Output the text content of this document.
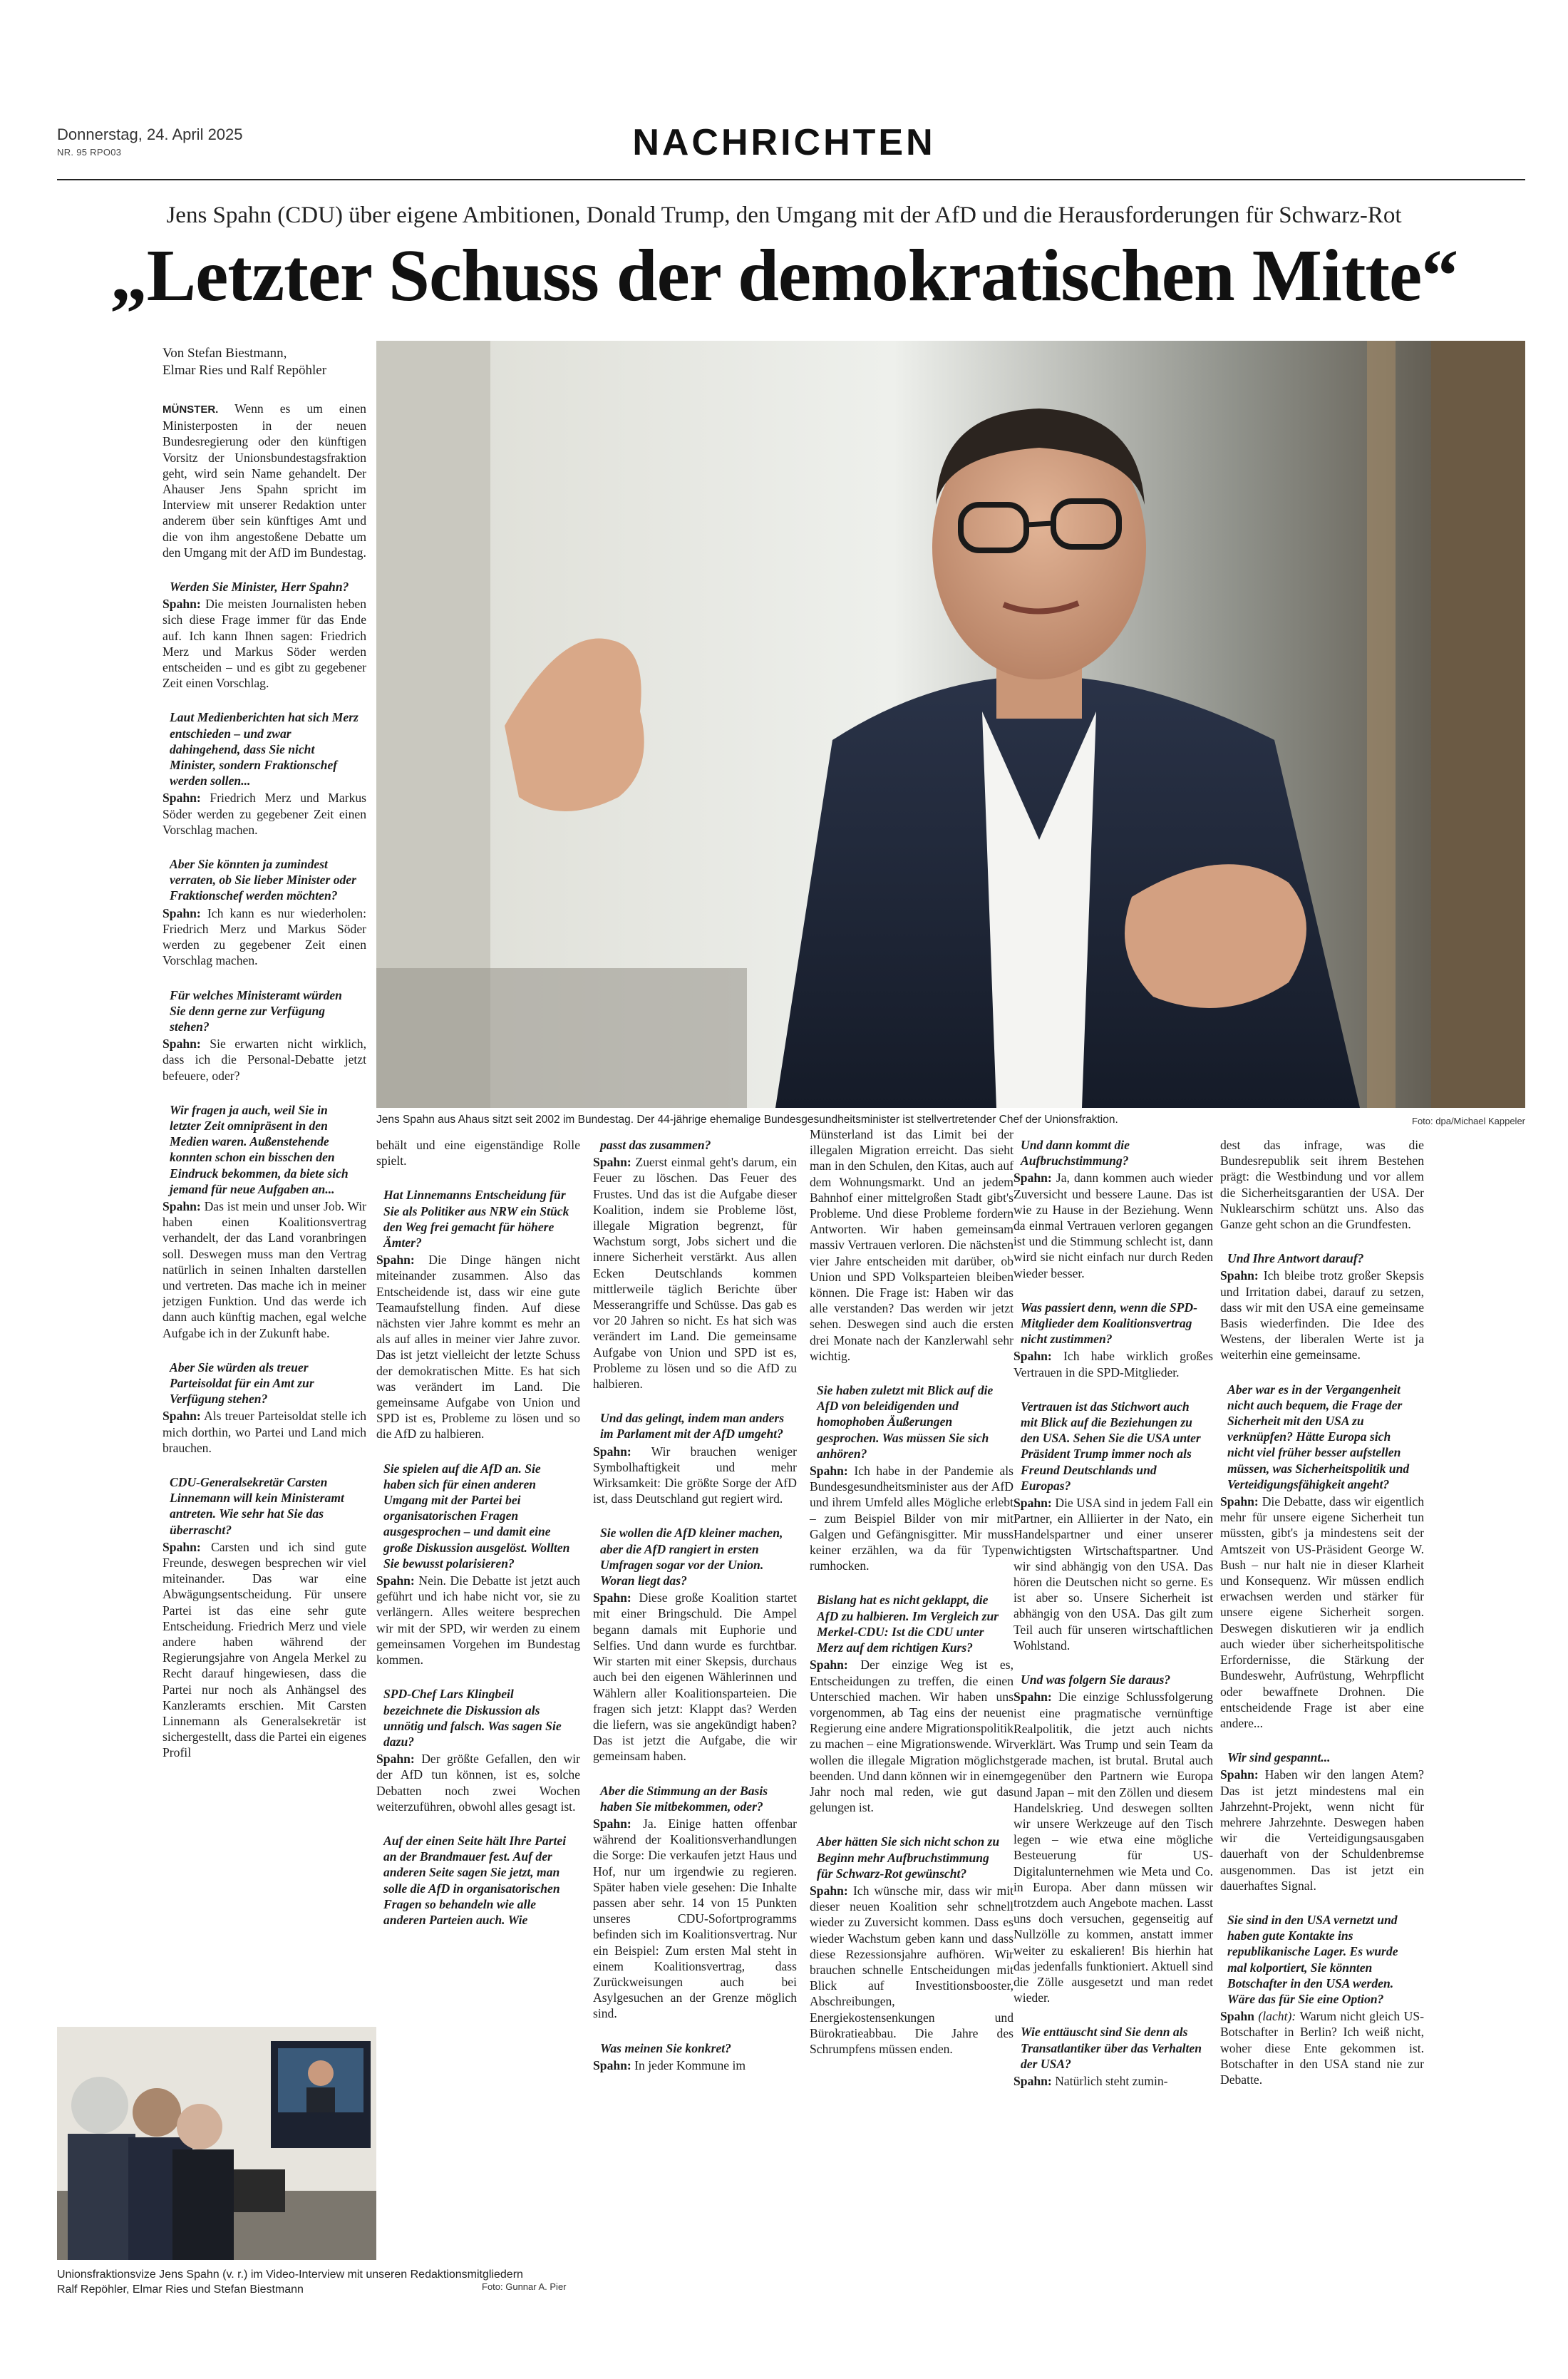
Donnerstag, 24. April 2025
NR. 95 RPO03	NACHRICHTEN
Jens Spahn (CDU) über eigene Ambitionen, Donald Trump, den Umgang mit der AfD und die Herausforderungen für Schwarz-Rot
„Letzter Schuss der demokratischen Mitte“
Jens Spahn aus Ahaus sitzt seit 2002 im Bundestag. Der 44-jährige ehemalige Bundesgesundheitsminister ist stellvertretender Chef der Unionsfraktion.	Foto: dpa/Michael Kappeler
Von Stefan Biestmann,
Elmar Ries und Ralf Repöhler

MÜNSTER. Wenn es um einen Ministerposten in der neuen Bundesregierung oder den künftigen Vorsitz der Unionsbundestagsfraktion geht, wird sein Name gehandelt. Der Ahauser Jens Spahn spricht im Interview mit unserer Redaktion unter anderem über sein künftiges Amt und die von ihm angestoßene Debatte um den Umgang mit der AfD im Bundestag.

Werden Sie Minister, Herr Spahn?

Spahn: Die meisten Journalisten heben sich diese Frage immer für das Ende auf. Ich kann Ihnen sagen: Friedrich Merz und Markus Söder werden entscheiden – und es gibt zu gegebener Zeit einen Vorschlag.

Laut Medienberichten hat sich Merz entschieden – und zwar dahingehend, dass Sie nicht Minister, sondern Fraktionschef werden sollen...

Spahn: Friedrich Merz und Markus Söder werden zu gegebener Zeit einen Vorschlag machen.

Aber Sie könnten ja zumindest verraten, ob Sie lieber Minister oder Fraktionschef werden möchten?

Spahn: Ich kann es nur wiederholen: Friedrich Merz und Markus Söder werden zu gegebener Zeit einen Vorschlag machen.

Für welches Ministeramt würden Sie denn gerne zur Verfügung stehen?

Spahn: Sie erwarten nicht wirklich, dass ich die Personal-Debatte jetzt befeuere, oder?

Wir fragen ja auch, weil Sie in letzter Zeit omnipräsent in den Medien waren. Außenstehende konnten schon ein bisschen den Eindruck bekommen, da biete sich jemand für neue Aufgaben an...

Spahn: Das ist mein und unser Job. Wir haben einen Koalitionsvertrag verhandelt, der das Land voranbringen soll. Deswegen muss man den Vertrag natürlich in seinen Inhalten darstellen und vertreten. Das mache ich in meiner jetzigen Funktion. Und das werde ich dann auch künftig machen, egal welche Aufgabe ich in der Zukunft habe.

Aber Sie würden als treuer Parteisoldat für ein Amt zur Verfügung stehen?

Spahn: Als treuer Parteisoldat stelle ich mich dorthin, wo Partei und Land mich brauchen.

CDU-Generalsekretär Carsten Linnemann will kein Ministeramt antreten. Wie sehr hat Sie das überrascht?

Spahn: Carsten und ich sind gute Freunde, deswegen besprechen wir viel miteinander. Das war eine Abwägungsentscheidung. Für unsere Partei ist das eine sehr gute Entscheidung. Friedrich Merz und viele andere haben während der Regierungsjahre von Angela Merkel zu Recht darauf hingewiesen, dass die Partei nur noch als Anhängsel des Kanzleramts erschien. Mit Carsten Linnemann als Generalsekretär ist sichergestellt, dass die Partei ein eigenes Profil

behält und eine eigenständige Rolle spielt.

Hat Linnemanns Entscheidung für Sie als Politiker aus NRW ein Stück den Weg frei gemacht für höhere Ämter?

Spahn: Die Dinge hängen nicht miteinander zusammen. Also das Entscheidende ist, dass wir eine gute Teamaufstellung finden. Auf diese nächsten vier Jahre kommt es mehr an als auf alles in meiner vier Jahre zuvor. Das ist jetzt vielleicht der letzte Schuss der demokratischen Mitte. Es hat sich was verändert im Land. Die gemeinsame Aufgabe von Union und SPD ist es, Probleme zu lösen und so die AfD zu halbieren.

Sie spielen auf die AfD an. Sie haben sich für einen anderen Umgang mit der Partei bei organisatorischen Fragen ausgesprochen – und damit eine große Diskussion ausgelöst. Wollten Sie bewusst polarisieren?

Spahn: Nein. Die Debatte ist jetzt auch geführt und ich habe nicht vor, sie zu verlängern. Alles weitere besprechen wir mit der SPD, wir werden zu einem gemeinsamen Vorgehen im Bundestag kommen.

SPD-Chef Lars Klingbeil bezeichnete die Diskussion als unnötig und falsch. Was sagen Sie dazu?

Spahn: Der größte Gefallen, den wir der AfD tun können, ist es, solche Debatten noch zwei Wochen weiterzuführen, obwohl alles gesagt ist.

Auf der einen Seite hält Ihre Partei an der Brandmauer fest. Auf der anderen Seite sagen Sie jetzt, man solle die AfD in organisatorischen Fragen so behandeln wie alle anderen Parteien auch. Wie

passt das zusammen?

Spahn: Zuerst einmal geht's darum, ein Feuer zu löschen. Das Feuer des Frustes. Und das ist die Aufgabe dieser Koalition, indem sie Probleme löst, illegale Migration begrenzt, für Wachstum sorgt, Jobs sichert und die innere Sicherheit verstärkt. Aus allen Ecken Deutschlands kommen mittlerweile täglich Berichte über Messerangriffe und Schüsse. Das gab es vor 20 Jahren so nicht. Es hat sich was verändert im Land. Die gemeinsame Aufgabe von Union und SPD ist es, Probleme zu lösen und so die AfD zu halbieren.

Und das gelingt, indem man anders im Parlament mit der AfD umgeht?

Spahn: Wir brauchen weniger Symbolhaftigkeit und mehr Wirksamkeit: Die größte Sorge der AfD ist, dass Deutschland gut regiert wird.

Sie wollen die AfD kleiner machen, aber die AfD rangiert in ersten Umfragen sogar vor der Union. Woran liegt das?

Spahn: Diese große Koalition startet mit einer Bringschuld. Die Ampel begann damals mit Euphorie und Selfies. Und dann wurde es furchtbar. Wir starten mit einer Skepsis, durchaus auch bei den eigenen Wählerinnen und Wählern aller Koalitionsparteien. Die fragen sich jetzt: Klappt das? Werden die liefern, was sie angekündigt haben? Das ist jetzt die Aufgabe, die wir gemeinsam haben.

Aber die Stimmung an der Basis haben Sie mitbekommen, oder?

Spahn: Ja. Einige hatten offenbar während der Koalitionsverhandlungen die Sorge: Die verkaufen jetzt Haus und Hof, nur um irgendwie zu regieren. Später haben viele gesehen: Die Inhalte passen aber sehr. 14 von 15 Punkten unseres CDU-Sofortprogramms befinden sich im Koalitionsvertrag. Nur ein Beispiel: Zum ersten Mal steht in einem Koalitionsvertrag, dass Zurückweisungen auch bei Asylgesuchen an der Grenze möglich sind.

Was meinen Sie konkret?

Spahn: In jeder Kommune im

Münsterland ist das Limit bei der illegalen Migration erreicht. Das sieht man in den Schulen, den Kitas, auch auf dem Wohnungsmarkt. Und an jedem Bahnhof einer mittelgroßen Stadt gibt's Probleme. Und diese Probleme fordern Antworten. Wir haben gemeinsam massiv Vertrauen verloren. Die nächsten vier Jahre entscheiden mit darüber, ob Union und SPD Volksparteien bleiben können. Die Frage ist: Haben wir das alle verstanden? Das werden wir jetzt sehen. Deswegen sind auch die ersten drei Monate nach der Kanzlerwahl sehr wichtig.

Sie haben zuletzt mit Blick auf die AfD von beleidigenden und homophoben Äußerungen gesprochen. Was müssen Sie sich anhören?

Spahn: Ich habe in der Pandemie als Bundesgesundheitsminister aus der AfD und ihrem Umfeld alles Mögliche erlebt – zum Beispiel Bilder von mir mit Galgen und Gefängnisgitter. Mir muss keiner erzählen, wa da für Typen rumhocken.

Bislang hat es nicht geklappt, die AfD zu halbieren. Im Vergleich zur Merkel-CDU: Ist die CDU unter Merz auf dem richtigen Kurs?

Spahn: Der einzige Weg ist es, Entscheidungen zu treffen, die einen Unterschied machen. Wir haben uns vorgenommen, ab Tag eins der neuen Regierung eine andere Migrationspolitik zu machen – eine Migrationswende. Wir wollen die illegale Migration möglichst beenden. Und dann können wir in einem Jahr noch mal reden, wie gut das gelungen ist.

Aber hätten Sie sich nicht schon zu Beginn mehr Aufbruchstimmung für Schwarz-Rot gewünscht?

Spahn: Ich wünsche mir, dass wir mit dieser neuen Koalition sehr schnell wieder zu Zuversicht kommen. Dass es wieder Wachstum geben kann und dass diese Rezessionsjahre aufhören. Wir brauchen schnelle Entscheidungen mit Blick auf Investitionsbooster, Abschreibungen, Energiekostensenkungen und Bürokratieabbau. Die Jahre des Schrumpfens müssen enden.

Und dann kommt die Aufbruchstimmung?

Spahn: Ja, dann kommen auch wieder Zuversicht und bessere Laune. Das ist wie zu Hause in der Beziehung. Wenn da einmal Vertrauen verloren gegangen ist und die Stimmung schlecht ist, dann wird sie nicht einfach nur durch Reden wieder besser.

Was passiert denn, wenn die SPD-Mitglieder dem Koalitionsvertrag nicht zustimmen?

Spahn: Ich habe wirklich großes Vertrauen in die SPD-Mitglieder.

Vertrauen ist das Stichwort auch mit Blick auf die Beziehungen zu den USA. Sehen Sie die USA unter Präsident Trump immer noch als Freund Deutschlands und Europas?

Spahn: Die USA sind in jedem Fall ein Partner, ein Alliierter in der Nato, ein Handelspartner und einer unserer wichtigsten Wirtschaftspartner. Und wir sind abhängig von den USA. Das hören die Deutschen nicht so gerne. Es ist aber so. Unsere Sicherheit ist abhängig von den USA. Das gilt zum Teil auch für unseren wirtschaftlichen Wohlstand.

Und was folgern Sie daraus?

Spahn: Die einzige Schlussfolgerung ist eine pragmatische vernünftige Realpolitik, die jetzt auch nichts verklärt. Was Trump und sein Team da gerade machen, ist brutal. Brutal auch gegenüber den Partnern wie Europa und Japan – mit den Zöllen und diesem Handelskrieg. Und deswegen sollten wir unsere Werkzeuge auf den Tisch legen – wie etwa eine mögliche Besteuerung für US-Digitalunternehmen wie Meta und Co. in Europa. Aber dann müssen wir trotzdem auch Angebote machen. Lasst uns doch versuchen, gegenseitig auf Nullzölle zu kommen, anstatt immer weiter zu eskalieren! Bis hierhin hat das jedenfalls funktioniert. Aktuell sind die Zölle ausgesetzt und man redet wieder.

Wie enttäuscht sind Sie denn als Transatlantiker über das Verhalten der USA?

Spahn: Natürlich steht zumin-

dest das infrage, was die Bundesrepublik seit ihrem Bestehen prägt: die Westbindung und vor allem die Sicherheitsgarantien der USA. Der Nuklearschirm schützt uns. Also das Ganze geht schon an die Grundfesten.

Und Ihre Antwort darauf?

Spahn: Ich bleibe trotz großer Skepsis und Irritation dabei, darauf zu setzen, dass wir mit den USA eine gemeinsame Basis wiederfinden. Die Idee des Westens, der liberalen Werte ist ja weiterhin eine gemeinsame.

Aber war es in der Vergangenheit nicht auch bequem, die Frage der Sicherheit mit den USA zu verknüpfen? Hätte Europa sich nicht viel früher besser aufstellen müssen, was Sicherheitspolitik und Verteidigungsfähigkeit angeht?

Spahn: Die Debatte, dass wir eigentlich mehr für unsere eigene Sicherheit tun müssten, gibt's ja mindestens seit der Amtszeit von US-Präsident George W. Bush – nur halt nie in dieser Klarheit und Konsequenz. Wir müssen endlich erwachsen werden und stärker für unsere eigene Sicherheit sorgen. Deswegen diskutieren wir ja endlich auch wieder über sicherheitspolitische Erfordernisse, die Stärkung der Bundeswehr, Aufrüstung, Wehrpflicht oder bewaffnete Drohnen. Die entscheidende Frage ist aber eine andere...

Wir sind gespannt...

Spahn: Haben wir den langen Atem? Das ist jetzt mindestens mal ein Jahrzehnt-Projekt, wenn nicht für mehrere Jahrzehnte. Deswegen haben wir die Verteidigungsausgaben dauerhaft von der Schuldenbremse ausgenommen. Das ist jetzt ein dauerhaftes Signal.

Sie sind in den USA vernetzt und haben gute Kontakte ins republikanische Lager. Es wurde mal kolportiert, Sie könnten Botschafter in den USA werden. Wäre das für Sie eine Option?

Spahn (lacht): Warum nicht gleich US-Botschafter in Berlin? Ich weiß nicht, woher diese Ente gekommen ist. Botschafter in den USA stand nie zur Debatte.

Unionsfraktionsvize Jens Spahn (v. r.) im Video-Interview mit unseren Redaktionsmitgliedern
Ralf Repöhler, Elmar Ries und Stefan Biestmann	Foto: Gunnar A. Pier
